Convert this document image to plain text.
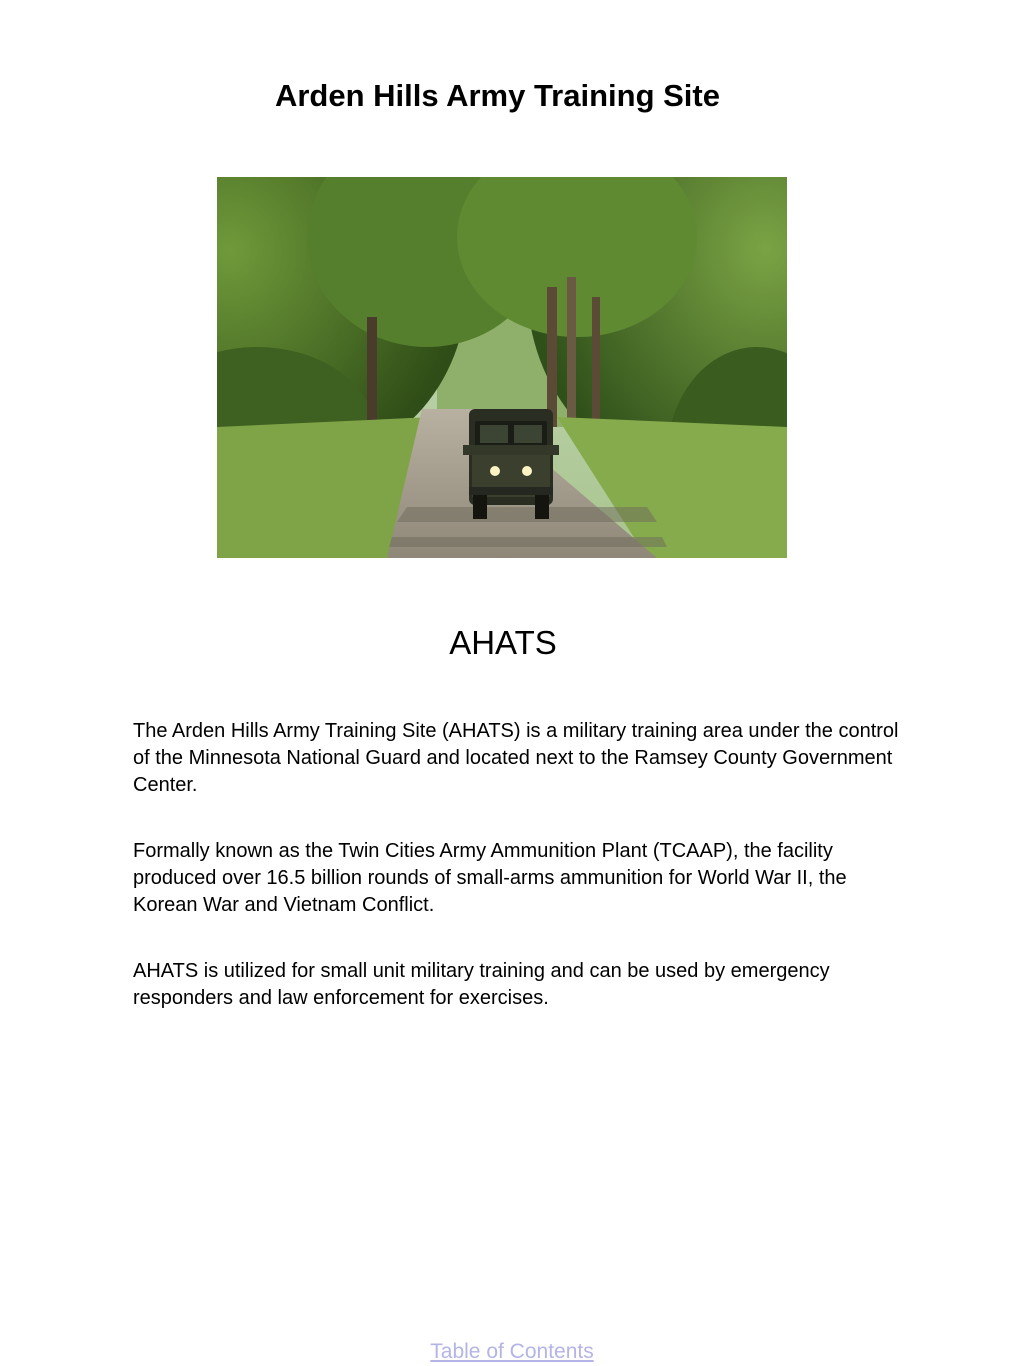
Arden Hills Army Training Site
AHATS

The Arden Hills Army Training Site (AHATS) is a military training area under the control of the Minnesota National Guard and located next to the Ramsey County Government Center.

Formally known as the Twin Cities Army Ammunition Plant (TCAAP), the facility produced over 16.5 billion rounds of small-arms ammunition for World War II, the Korean War and Vietnam Conflict.

AHATS is utilized for small unit military training and can be used by emergency responders and law enforcement for exercises.

Table of Contents
